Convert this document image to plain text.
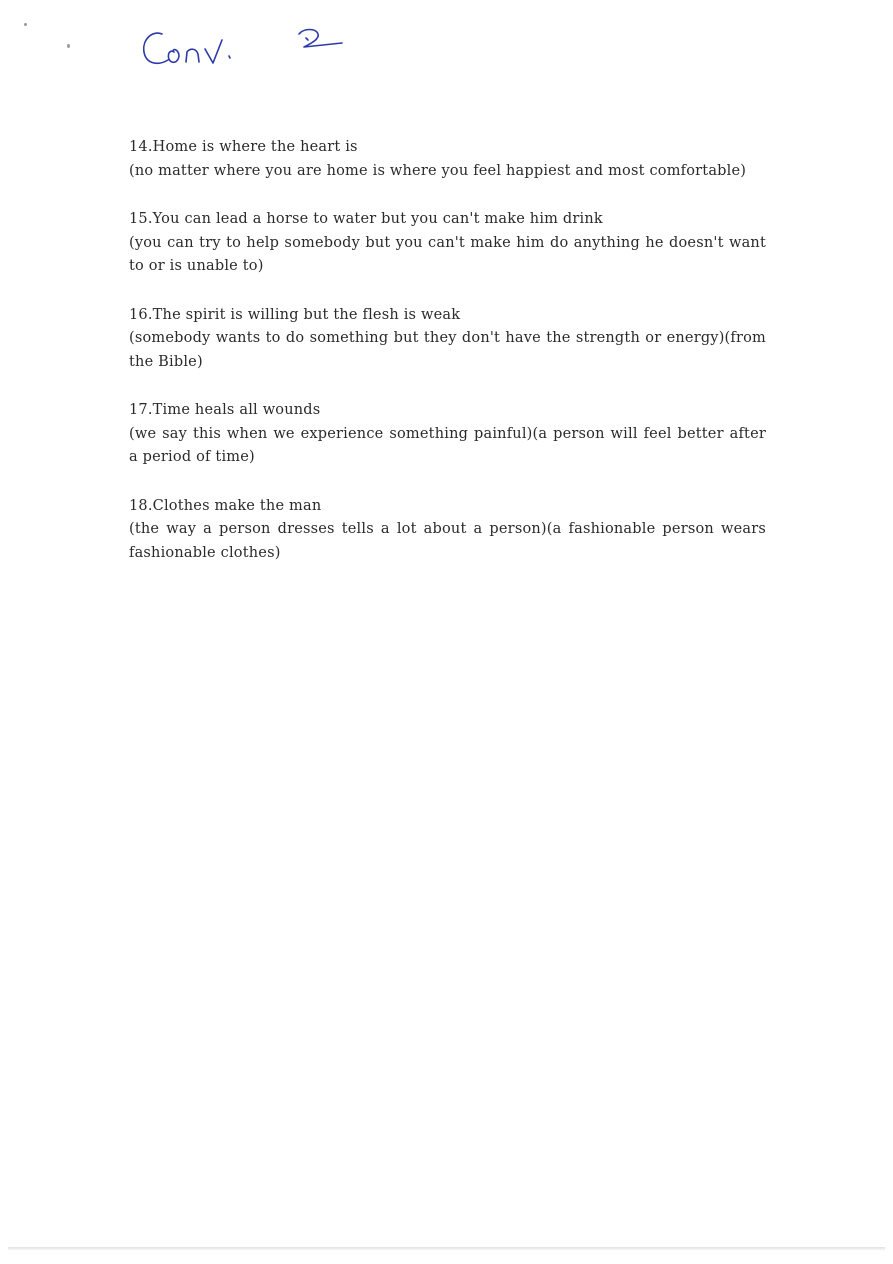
14.Home is where the heart is
(no matter where you are home is where you feel happiest and most comfortable)
15.You can lead a horse to water but you can't make him drink
(you can try to help somebody but you can't make him do anything he doesn't want to or is unable to)
16.The spirit is willing but the flesh is weak
(somebody wants to do something but they don't have the strength or energy)(from the Bible)
17.Time heals all wounds
(we say this when we experience something painful)(a person will feel better after a period of time)
18.Clothes make the man
(the way a person dresses tells a lot about a person)(a fashionable person wears fashionable clothes)
